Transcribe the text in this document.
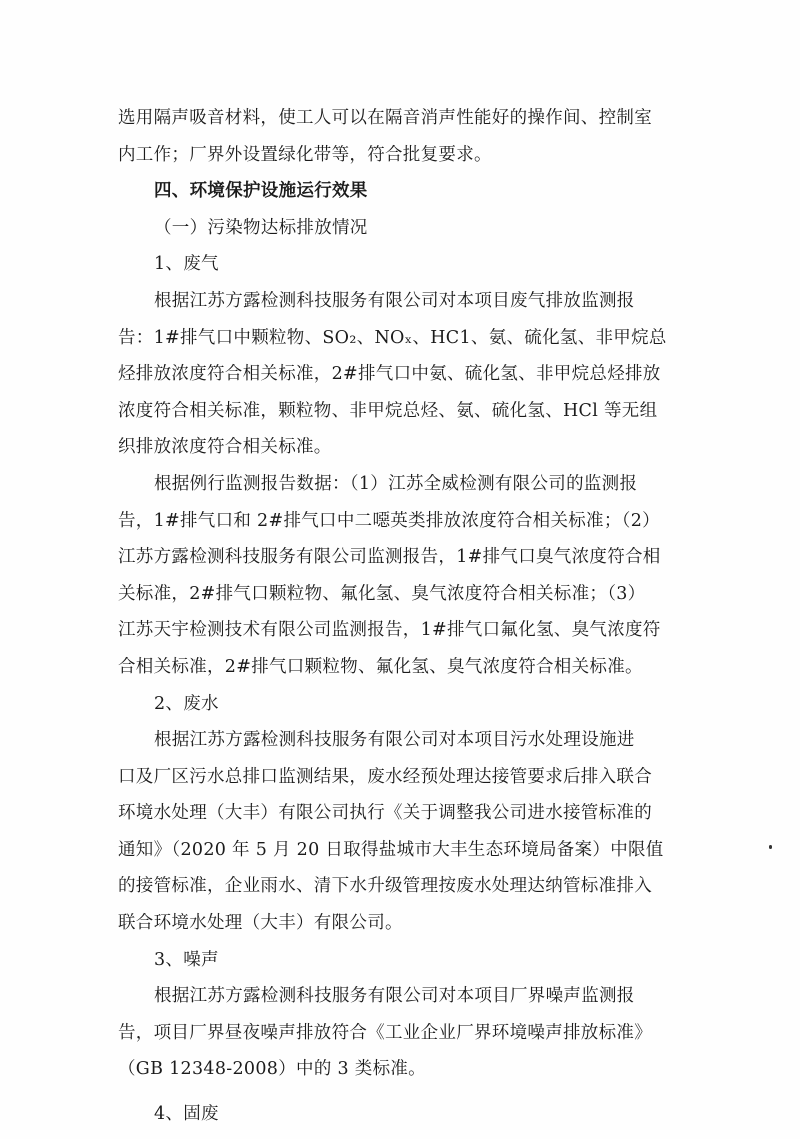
选用隔声吸音材料，使工人可以在隔音消声性能好的操作间、控制室
内工作；厂界外设置绿化带等，符合批复要求。
四、环境保护设施运行效果
（一）污染物达标排放情况
1、废气
根据江苏方露检测科技服务有限公司对本项目废气排放监测报
告：1#排气口中颗粒物、SO₂、NOₓ、HC1、氨、硫化氢、非甲烷总
烃排放浓度符合相关标准，2#排气口中氨、硫化氢、非甲烷总烃排放
浓度符合相关标准，颗粒物、非甲烷总烃、氨、硫化氢、HCl 等无组
织排放浓度符合相关标准。
根据例行监测报告数据：（1）江苏全威检测有限公司的监测报
告，1#排气口和 2#排气口中二噁英类排放浓度符合相关标准；（2）
江苏方露检测科技服务有限公司监测报告，1#排气口臭气浓度符合相
关标准，2#排气口颗粒物、氟化氢、臭气浓度符合相关标准；（3）
江苏天宇检测技术有限公司监测报告，1#排气口氟化氢、臭气浓度符
合相关标准，2#排气口颗粒物、氟化氢、臭气浓度符合相关标准。
2、废水
根据江苏方露检测科技服务有限公司对本项目污水处理设施进
口及厂区污水总排口监测结果，废水经预处理达接管要求后排入联合
环境水处理（大丰）有限公司执行《关于调整我公司进水接管标准的
通知》（2020 年 5 月 20 日取得盐城市大丰生态环境局备案）中限值
的接管标准，企业雨水、清下水升级管理按废水处理达纳管标准排入
联合环境水处理（大丰）有限公司。
3、噪声
根据江苏方露检测科技服务有限公司对本项目厂界噪声监测报
告，项目厂界昼夜噪声排放符合《工业企业厂界环境噪声排放标准》
（GB 12348-2008）中的 3 类标准。
4、固废
